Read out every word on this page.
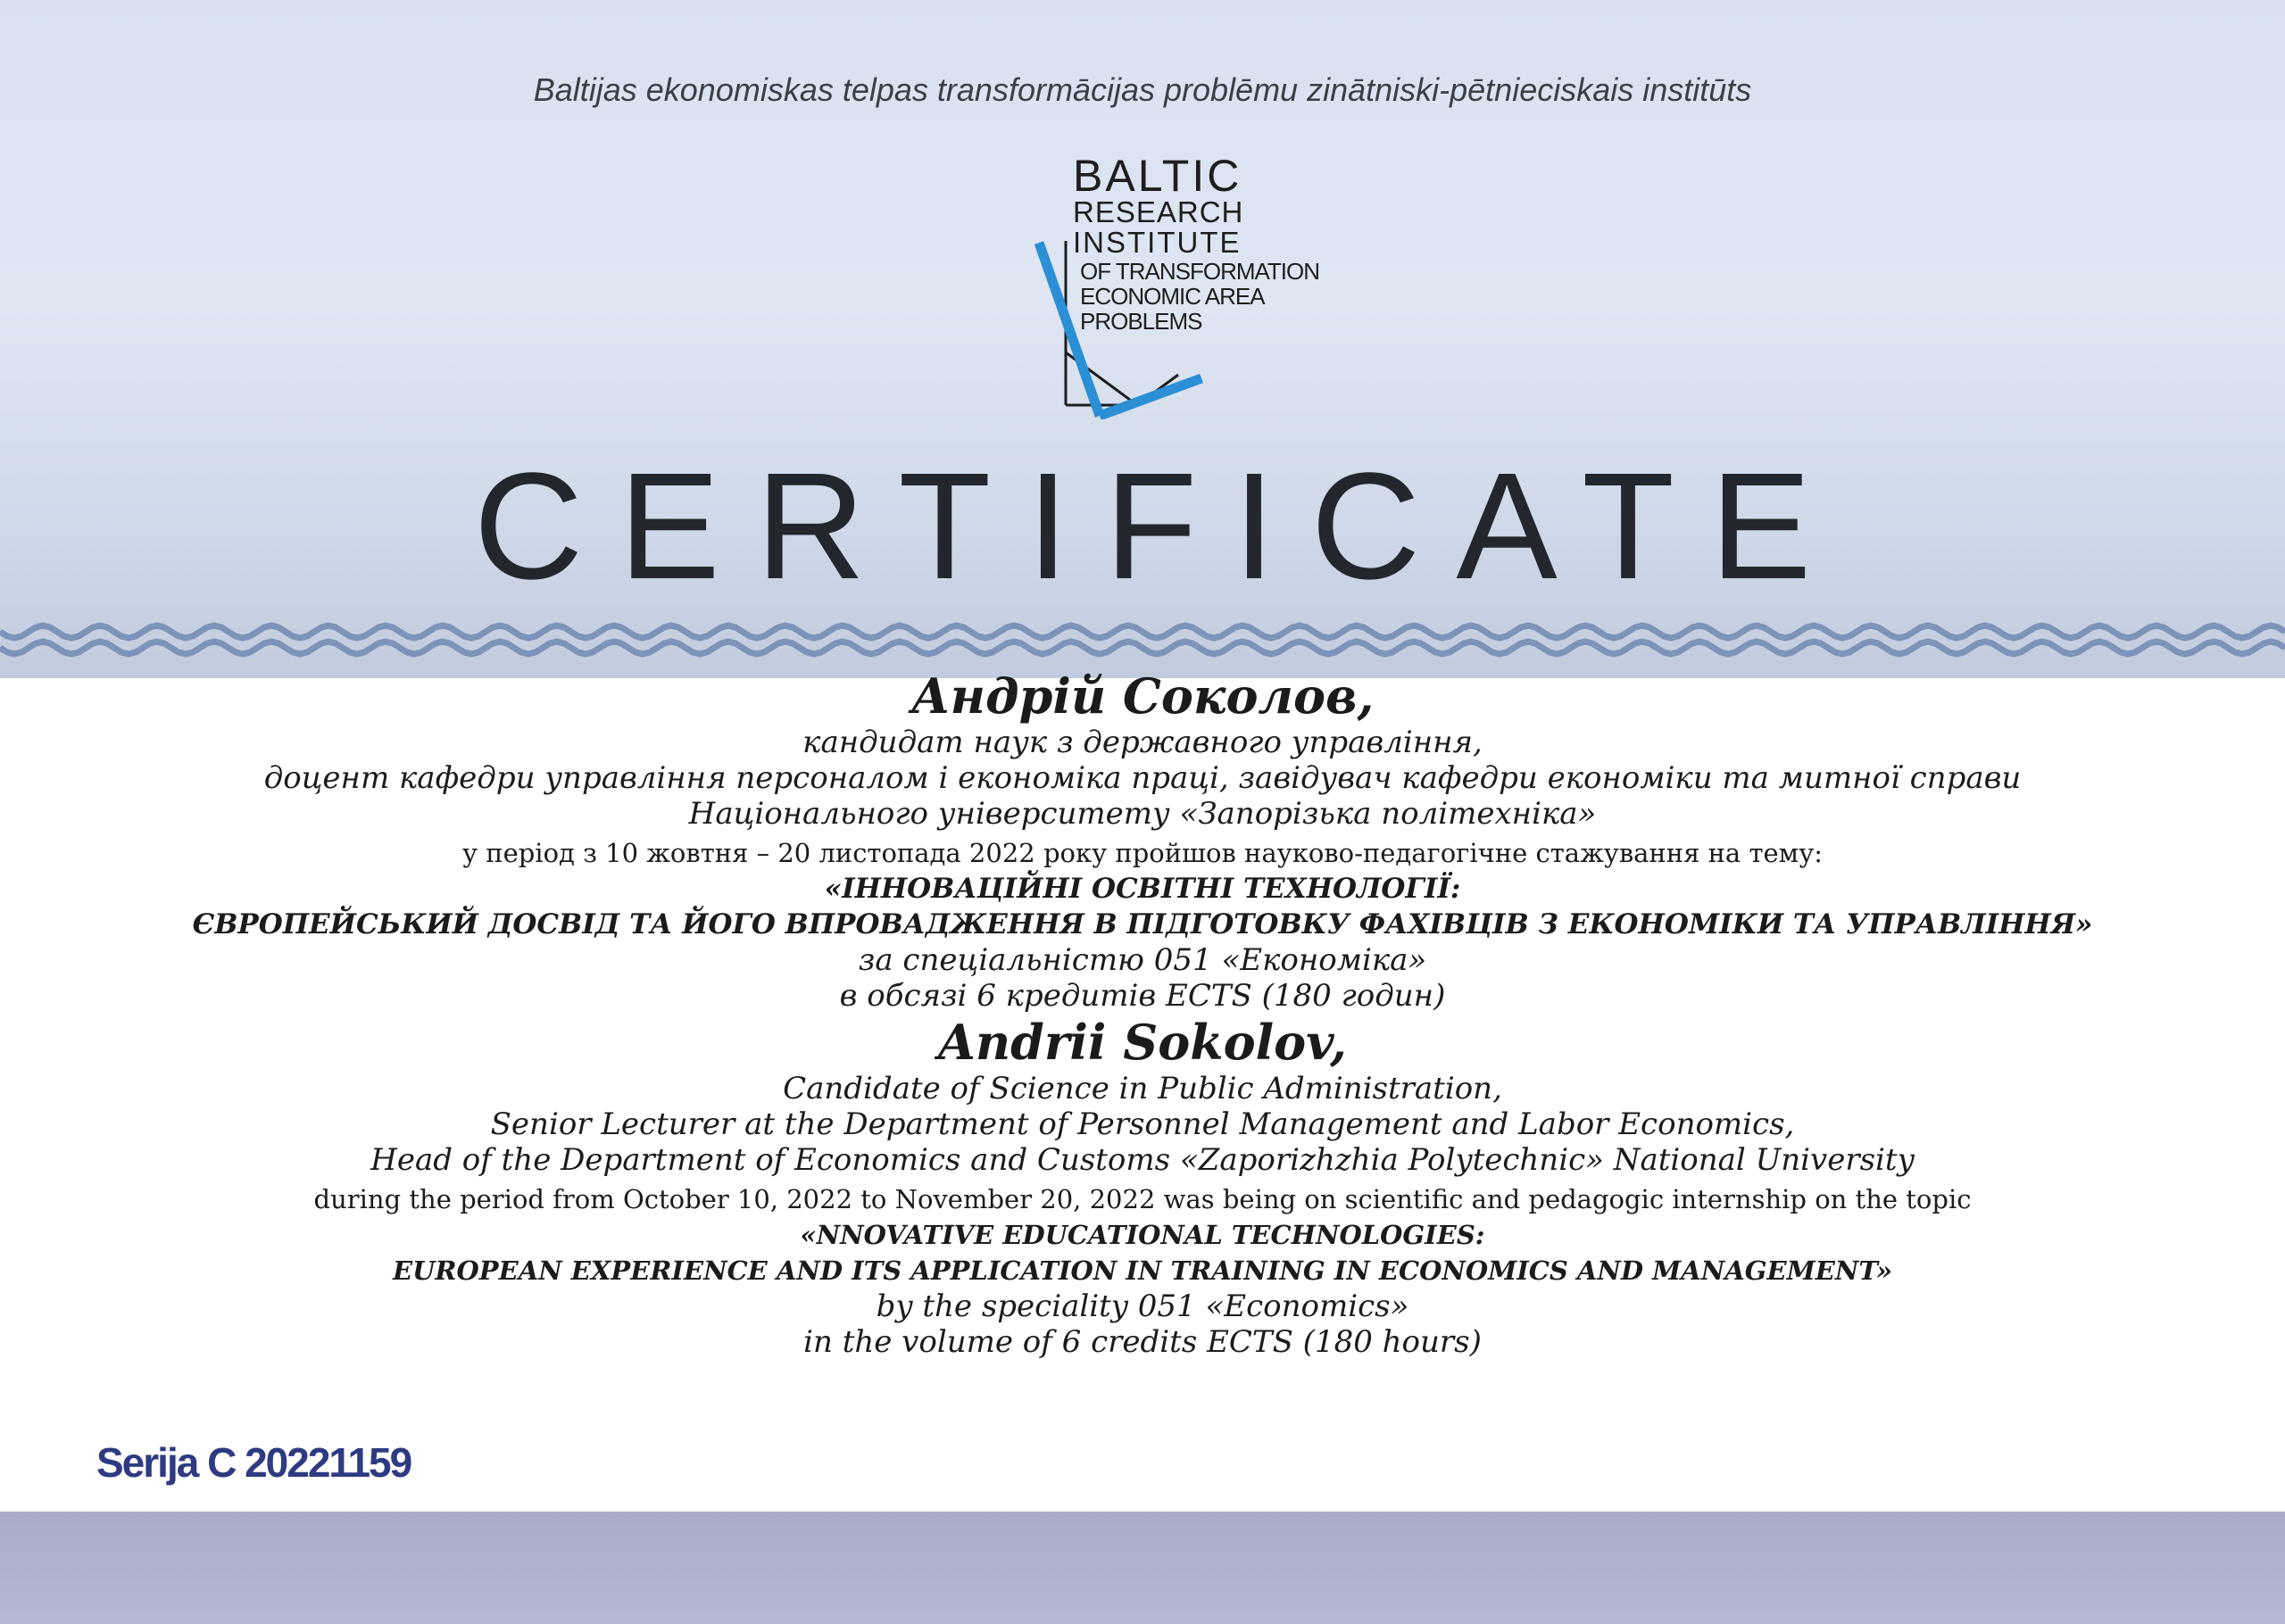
Baltijas ekonomiskas telpas transformācijas problēmu zinātniski-pētnieciskais institūts

BALTIC
RESEARCH
INSTITUTE
OF TRANSFORMATION
ECONOMIC AREA
PROBLEMS
CERTIFICATE

Андрій Соколов,

кандидат наук з державного управління,

доцент кафедри управління персоналом і економіка праці, завідувач кафедри економіки та митної справи

Національного університету «Запорізька політехніка»

у період з 10 жовтня – 20 листопада 2022 року пройшов науково-педагогічне стажування на тему:

«ІННОВАЦІЙНІ ОСВІТНІ ТЕХНОЛОГІЇ:

ЄВРОПЕЙСЬКИЙ ДОСВІД ТА ЙОГО ВПРОВАДЖЕННЯ В ПІДГОТОВКУ ФАХІВЦІВ З ЕКОНОМІКИ ТА УПРАВЛІННЯ»

за спеціальністю 051 «Економіка»

в обсязі 6 кредитів ECTS (180 годин)

Andrii Sokolov,

Candidate of Science in Public Administration,

Senior Lecturer at the Department of Personnel Management and Labor Economics,

Head of the Department of Economics and Customs «Zaporizhzhia Polytechnic» National University

during the period from October 10, 2022 to November 20, 2022 was being on scientific and pedagogic internship on the topic

«NNOVATIVE EDUCATIONAL TECHNOLOGIES:

EUROPEAN EXPERIENCE AND ITS APPLICATION IN TRAINING IN ECONOMICS AND MANAGEMENT»

by the speciality 051 «Economics»

in the volume of 6 credits ECTS (180 hours)

Serija C 20221159
